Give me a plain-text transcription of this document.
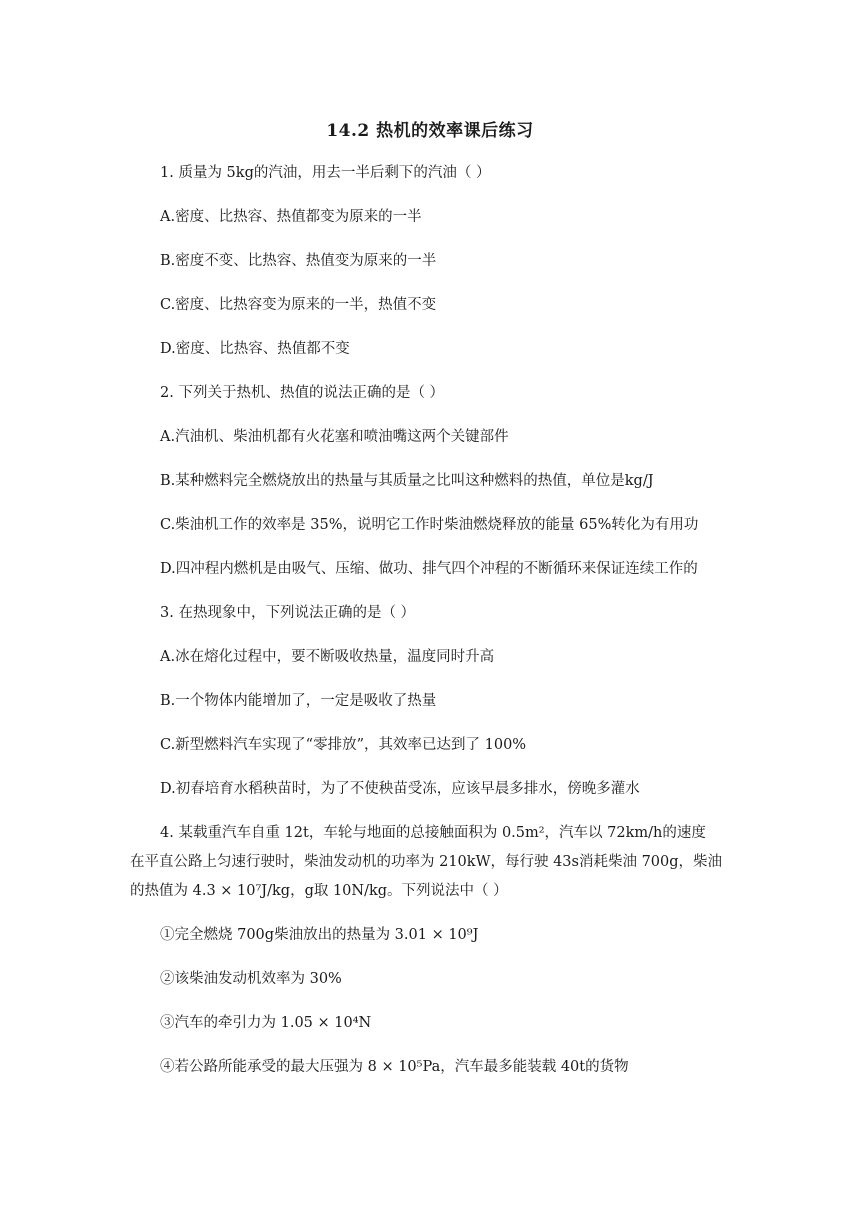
14.2 热机的效率课后练习
1. 质量为 5kg的汽油，用去一半后剩下的汽油（ ）
A.密度、比热容、热值都变为原来的一半
B.密度不变、比热容、热值变为原来的一半
C.密度、比热容变为原来的一半，热值不变
D.密度、比热容、热值都不变
2. 下列关于热机、热值的说法正确的是（ ）
A.汽油机、柴油机都有火花塞和喷油嘴这两个关键部件
B.某种燃料完全燃烧放出的热量与其质量之比叫这种燃料的热值，单位是kg/J
C.柴油机工作的效率是 35%，说明它工作时柴油燃烧释放的能量 65%转化为有用功
D.四冲程内燃机是由吸气、压缩、做功、排气四个冲程的不断循环来保证连续工作的
3. 在热现象中，下列说法正确的是（ ）
A.冰在熔化过程中，要不断吸收热量，温度同时升高
B.一个物体内能增加了，一定是吸收了热量
C.新型燃料汽车实现了“零排放”，其效率已达到了 100%
D.初春培育水稻秧苗时，为了不使秧苗受冻，应该早晨多排水，傍晚多灌水
4. 某载重汽车自重 12t，车轮与地面的总接触面积为 0.5m²，汽车以 72km/h的速度
在平直公路上匀速行驶时，柴油发动机的功率为 210kW，每行驶 43s消耗柴油 700g，柴油
的热值为 4.3 × 10⁷J/kg，g取 10N/kg。下列说法中（ ）
①完全燃烧 700g柴油放出的热量为 3.01 × 10⁹J
②该柴油发动机效率为 30%
③汽车的牵引力为 1.05 × 10⁴N
④若公路所能承受的最大压强为 8 × 10⁵Pa，汽车最多能装载 40t的货物
